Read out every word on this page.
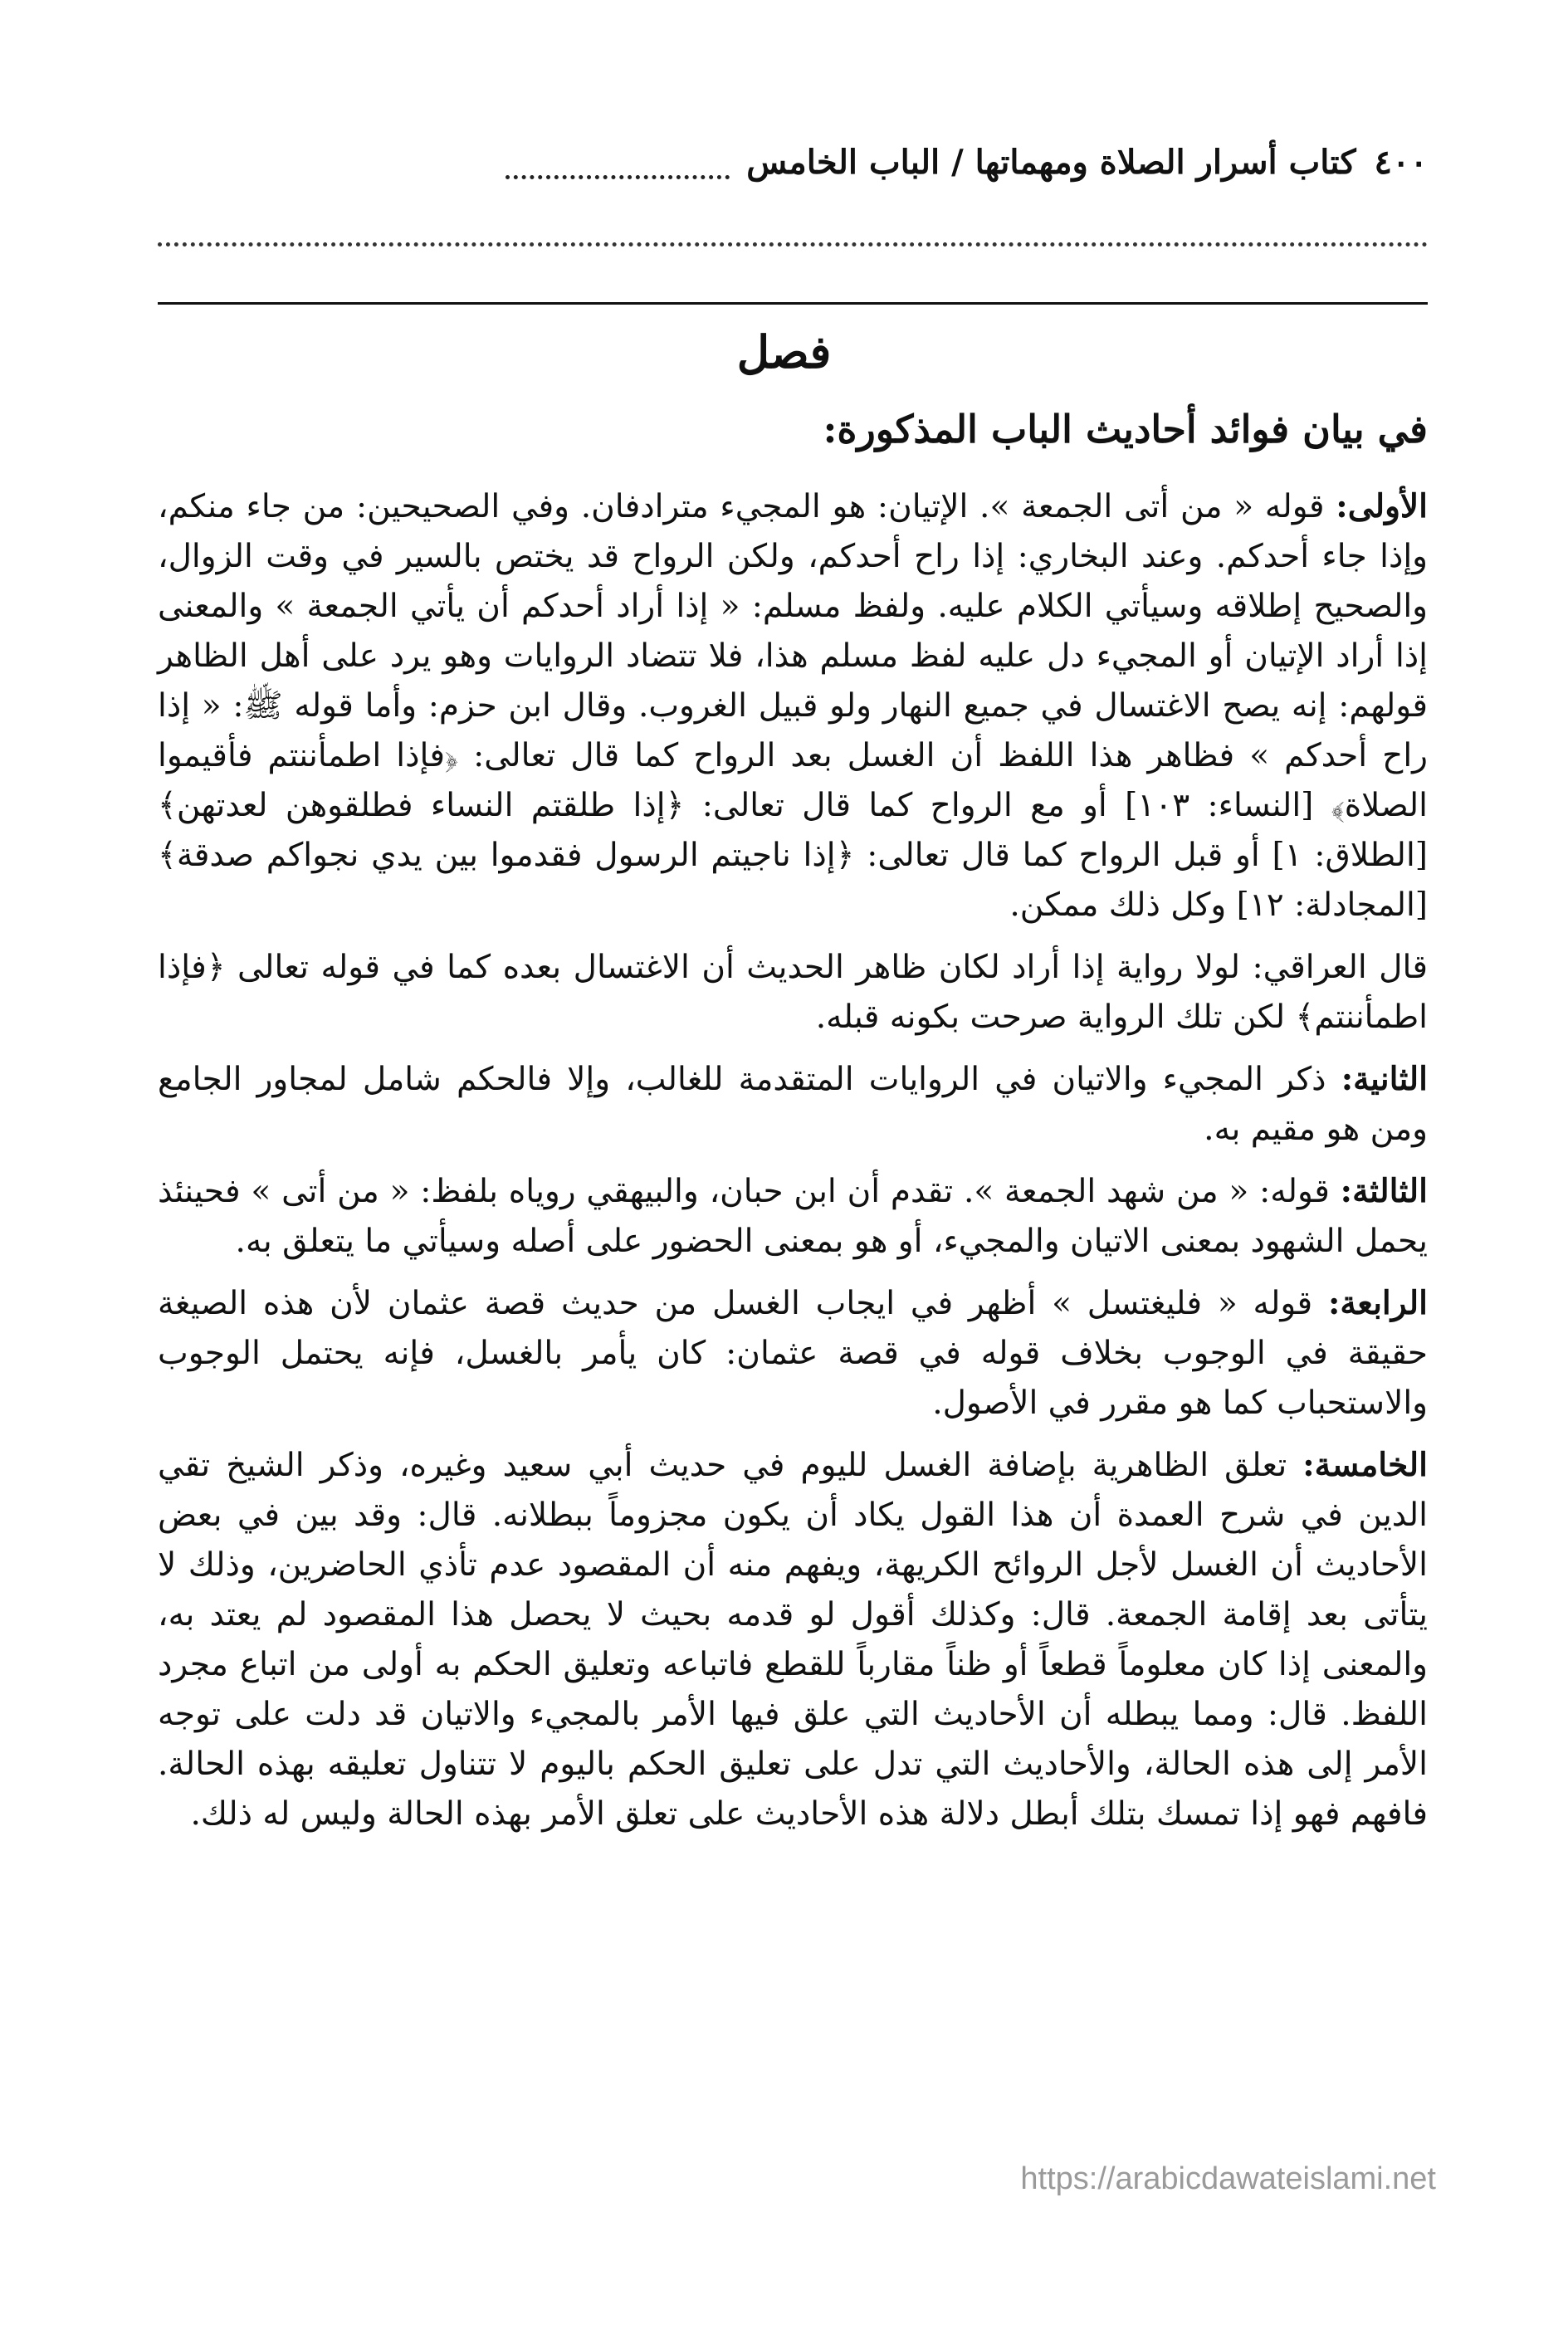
٤٠٠
كتاب أسرار الصلاة ومهماتها / الباب الخامس
فصل
في بيان فوائد أحاديث الباب المذكورة:

الأولى: قوله « من أتى الجمعة ». الإتيان: هو المجيء مترادفان. وفي الصحيحين: من جاء منكم، وإذا جاء أحدكم. وعند البخاري: إذا راح أحدكم، ولكن الرواح قد يختص بالسير في وقت الزوال، والصحيح إطلاقه وسيأتي الكلام عليه. ولفظ مسلم: « إذا أراد أحدكم أن يأتي الجمعة » والمعنى إذا أراد الإتيان أو المجيء دل عليه لفظ مسلم هذا، فلا تتضاد الروايات وهو يرد على أهل الظاهر قولهم: إنه يصح الاغتسال في جميع النهار ولو قبيل الغروب. وقال ابن حزم: وأما قوله ﷺ: « إذا راح أحدكم » فظاهر هذا اللفظ أن الغسل بعد الرواح كما قال تعالى: ﴿فإذا اطمأننتم فأقيموا الصلاة﴾ [النساء: ١٠٣] أو مع الرواح كما قال تعالى: ﴿إذا طلقتم النساء فطلقوهن لعدتهن﴾ [الطلاق: ١] أو قبل الرواح كما قال تعالى: ﴿إذا ناجيتم الرسول فقدموا بين يدي نجواكم صدقة﴾ [المجادلة: ١٢] وكل ذلك ممكن.

قال العراقي: لولا رواية إذا أراد لكان ظاهر الحديث أن الاغتسال بعده كما في قوله تعالى ﴿فإذا اطمأننتم﴾ لكن تلك الرواية صرحت بكونه قبله.

الثانية: ذكر المجيء والاتيان في الروايات المتقدمة للغالب، وإلا فالحكم شامل لمجاور الجامع ومن هو مقيم به.

الثالثة: قوله: « من شهد الجمعة ». تقدم أن ابن حبان، والبيهقي روياه بلفظ: « من أتى » فحينئذ يحمل الشهود بمعنى الاتيان والمجيء، أو هو بمعنى الحضور على أصله وسيأتي ما يتعلق به.

الرابعة: قوله « فليغتسل » أظهر في ايجاب الغسل من حديث قصة عثمان لأن هذه الصيغة حقيقة في الوجوب بخلاف قوله في قصة عثمان: كان يأمر بالغسل، فإنه يحتمل الوجوب والاستحباب كما هو مقرر في الأصول.

الخامسة: تعلق الظاهرية بإضافة الغسل لليوم في حديث أبي سعيد وغيره، وذكر الشيخ تقي الدين في شرح العمدة أن هذا القول يكاد أن يكون مجزوماً ببطلانه. قال: وقد بين في بعض الأحاديث أن الغسل لأجل الروائح الكريهة، ويفهم منه أن المقصود عدم تأذي الحاضرين، وذلك لا يتأتى بعد إقامة الجمعة. قال: وكذلك أقول لو قدمه بحيث لا يحصل هذا المقصود لم يعتد به، والمعنى إذا كان معلوماً قطعاً أو ظناً مقارباً للقطع فاتباعه وتعليق الحكم به أولى من اتباع مجرد اللفظ. قال: ومما يبطله أن الأحاديث التي علق فيها الأمر بالمجيء والاتيان قد دلت على توجه الأمر إلى هذه الحالة، والأحاديث التي تدل على تعليق الحكم باليوم لا تتناول تعليقه بهذه الحالة. فافهم فهو إذا تمسك بتلك أبطل دلالة هذه الأحاديث على تعلق الأمر بهذه الحالة وليس له ذلك.

https://arabicdawateislami.net
